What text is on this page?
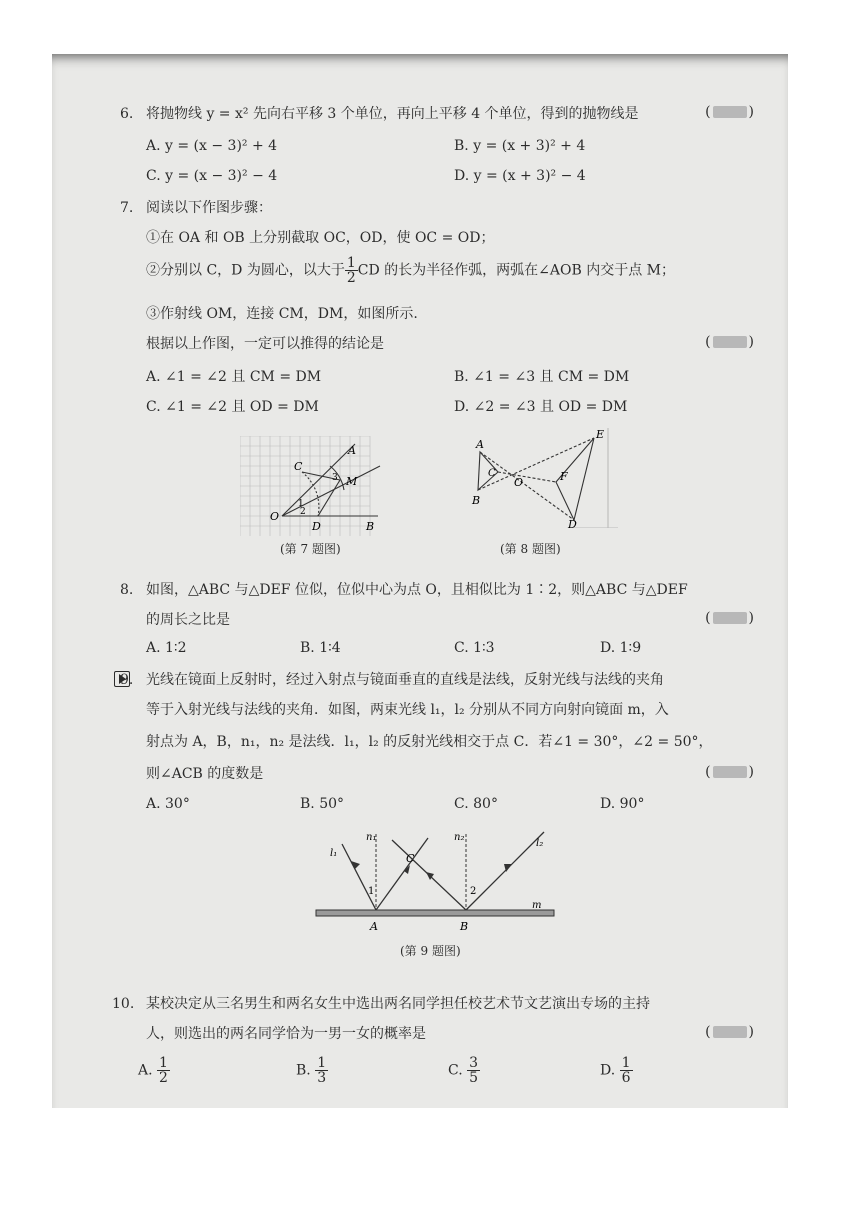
6. 将抛物线 y = x² 先向右平移 3 个单位，再向上平移 4 个单位，得到的抛物线是	(	)
A. y = (x − 3)² + 4	B. y = (x + 3)² + 4
C. y = (x − 3)² − 4	D. y = (x + 3)² − 4
7. 阅读以下作图步骤：
①在 OA 和 OB 上分别截取 OC，OD，使 OC = OD；
②分别以 C，D 为圆心，以大于 $\frac{1}{2}$ CD 的长为半径作弧，两弧在∠AOB 内交于点 M；
③作射线 OM，连接 CM，DM，如图所示.
根据以上作图，一定可以推得的结论是	(	)
A. ∠1 = ∠2 且 CM = DM	B. ∠1 = ∠3 且 CM = DM
C. ∠1 = ∠2 且 OD = DM	D. ∠2 = ∠3 且 OD = DM
O
C
A
M
D	B
1
2
3
(第 7 题图)
A
B
C
O
E
F
D
(第 8 题图)
8. 如图，△ABC 与△DEF 位似，位似中心为点 O，且相似比为 1∶2，则△ABC 与△DEF
的周长之比是	(	)
A. 1∶2	B. 1∶4	C. 1∶3	D. 1∶9
9. 光线在镜面上反射时，经过入射点与镜面垂直的直线是法线，反射光线与法线的夹角
等于入射光线与法线的夹角．如图，两束光线 l₁，l₂ 分别从不同方向射向镜面 m，入
射点为 A，B，n₁，n₂ 是法线．l₁，l₂ 的反射光线相交于点 C．若∠1 = 30°，∠2 = 50°，
则∠ACB 的度数是	(	)
A. 30°	B. 50°	C. 80°	D. 90°
n₁	n₂
l₁
l₂
C
1	2
m
A	B
(第 9 题图)
10. 某校决定从三名男生和两名女生中选出两名同学担任校艺术节文艺演出专场的主持
人，则选出的两名同学恰为一男一女的概率是	(	)
A. $\frac{1}{2}$	B. $\frac{1}{3}$	C. $\frac{3}{5}$	D. $\frac{1}{6}$
